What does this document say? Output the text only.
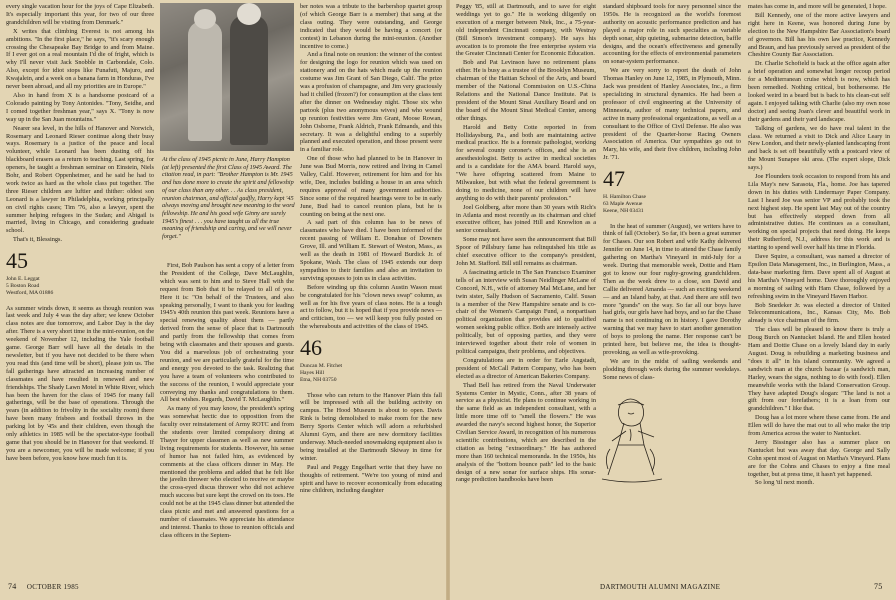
every single vacation hour for the joys of Cape Elizabeth. It's especially important this year, for two of our three grandchildren will be visiting from Denmark."

X writes that climbing Everest is not among his ambitions. "In the first place," he says, "it's scary enough crossing the Chesapeake Bay Bridge to and from Maine. If I ever got on a real mountain I'd die of fright, which is why I'll never visit Jack Snobble in Carbondale, Colo. Also, except for idiot stops like Funafuti, Majuro, and Kwajalein, and a week on a banana farm in Honduras, I've never been abroad, and all my priorities are in Europe."

Also in hand from X is a handsome postcard of a Colorado painting by Tony Antonides. "Tony, Seidhe, and I comed together freshman year," says X. "Tony is now way up in the San Juan mountains."

Nearer sea level, in the hills of Hanover and Norwich, Rosemary and Leonard Rieser continue along their busy ways. Rosemary is a justice of the peace and local volunteer, while Leonard has been dusting off his blackboard erasers as a return to teaching. Last spring, for openers, he taught a freshman seminar on Einstein, Niels Bohr, and Robert Oppenheimer, and he said he had to work twice as hard as the whole class put together. The three Rieser children are luftier and thither: oldest son Leonard is a lawyer in Philadelphia, working principally on civil rights cases; Tim '76, also a lawyer, spent the summer helping refugees in the Sudan; and Abigail is married, living in Chicago, and considering graduate school.

That's it, Blessings.

45
John E. Leggat
5 Boston Road
Westford, MA 01886

As summer winds down, it seems as though reunion was last week and July 4 was the day after; we knew October class notes are due tomorrow, and Labor Day is the day after. There is a very short time in the mini-reunion, on the weekend of November 12, including the Yale football game. George Barr will have all the details in the newsletter, but if you have not decided to be there when you read this (and time will be short), please join us. The fall gatherings have attracted an increasing number of classmates and have resulted in renewed and new friendships. The Shady Lawn Motel in White River, which has been the haven for the class of 1945 for many fall gatherings, will be the base of operations. Through the years (in addition to frivolity in the sociality room) there have been many frisbees and football throws in the parking lot by '45s and their children, even though the only athletics in 1985 will be the spectator-type football game that you should be in Hanover for that weekend. If you are a newcomer, you will be made welcome; if you have been before, you know how much fun it is.

At the class of 1945 picnic in June, Harry Hampton (at left) presented the first Class of 1945 Award. The citation read, in part: "Brother Hampton is Mr. 1945 and has done more to create the spirit and fellowship of our class than any other. . . As class president, reunion chairman, and official gadfly, Harry kept '45 always moving and brought new meaning to the word fellowship. He and his good wife Ginny are surely 1945's finest . . . you have taught us all the true meaning of friendship and caring, and we will never forget."

First, Bob Paulson has sent a copy of a letter from the President of the College, Dave McLaughlin, which was sent to him and to Steve Hall with the request from Bob that it be relayed to all of you. Here it is: "On behalf of the Trustees, and also speaking personally, I want to thank you for leading 1945's 40th reunion this past week. Reunions have a special renewing quality about them — partly derived from the sense of place that is Dartmouth and partly from the fellowship that comes from being with classmates and their spouses and guests. You did a marvelous job of orchestrating your reunion, and we are particularly grateful for the time and energy you devoted to the task. Realizing that you have a team of volunteers who contributed to the success of the reunion, I would appreciate your conveying my thanks and congratulations to them. All best wishes. Regards, David T. McLaughlin."

As many of you may know, the president's spring was somewhat hectic due to opposition from the faculty over reinstatement of Army ROTC and from the students over limited compulsory dining at Thayer for upper classmen as well as new summer living requirements for students. However, his sense of humor has not failed him, as evidenced by comments at the class officers dinner in May. He mentioned the problems and added that he felt like the javelin thrower who elected to receive or maybe the cross-eyed discus thrower who did not achieve much success but sure kept the crowd on its toes. He could not be at the 1945 class dinner but attended the class picnic and met and answered questions for a number of classmates. We appreciate his attendance and interest. Thanks to those to reunion officials and class officers in the Septem-

ber notes was a tribute to the barbershop quartet group (of which George Barr is a member) that sang at the class outing. They were outstanding, and George indicated that they would be having a concert (or contest) in Lebanon during the mini-reunion. (Another incentive to come.)

And a final note on reunion: the winner of the contest for designing the logo for reunion which was used on stationery and on the hats which made up the reunion costume was Jim Grant of San Diego, Calif. The prize was a profusion of champagne, and Jim very graciously had it chilled (frozen?) for consumption at the class tent after the dinner on Wednesday night. Those six who partook (plus two anonymous wives) and who wound up reunion festivities were Jim Grant, Moose Rowan, John Osborne, Frank Aldrich, Frank Edmands, and this secretary. It was a delightful ending to a superbly planned and executed operation, and those present were in a familiar role.

One of those who had planned to be in Hanover in June was Bud Morris, now retired and living in Camel Valley, Calif. However, retirement for him and for his wife, Dee, includes building a house in an area which requires approval of many government authorities. Since some of the required hearings were to be in early June, Bud had to cancel reunion plans, but he is counting on being at the next one.

A sad part of this column has to be news of classmates who have died. I have been informed of the recent passing of William E. Donahue of Downers Grove, Ill. and William E. Stewart of Weston, Mass., as well as the death in 1981 of Howard Burdick Jr. of Spokane, Wash. The class of 1945 extends our deep sympathies to their families and also an invitation to surviving spouses to join us in class activities.

Before winding up this column Austin Wason must be congratulated for his "clown news swap" column, as well as for his five years of class notes. He is a tough act to follow, but it is hoped that if you provide news — and criticism, too — we will keep you fully posted on the whereabouts and activities of the class of 1945.

46
Duncan M. Fitchet
Hayes Hill
Etna, NH 03750

Those who can return to the Hanover Plain this fall will be impressed with all the building activity on campus. The Hood Museum is about to open. Davis Rink is being demolished to make room for the new Berry Sports Center which will adorn a refurbished Alumni Gym, and there are new dormitory facilities underway. Much-needed snowmaking equipment also is being installed at the Dartmouth Skiway in time for winter.

Paul and Peggy Engelhart write that they have no thoughts of retirement. "We're too young of mind and spirit and have to recover economically from educating nine children, including daughter

74 OCTOBER 1985

Peggy '85, still at Dartmouth, and to save for eight weddings yet to go." He is working diligently on execution of a merger between Ntek, Inc., a 75-year-old independent Cincinnati company, with Westray (Bill Simon's investment company). He says his avocation is to promote the free enterprise system via the Greater Cincinnati Center for Economic Education.

Bob and Pat Levinson have no retirement plans either. He is busy as a trustee of the Brooklyn Museum, chairman of the Haitian School of the Arts, and board member of the National Commission on U.S.-China Relations and the National Dance Institute. Pat is president of the Mount Sinai Auxiliary Board and on the board of the Mount Sinai Medical Center, among other things.

Harold and Betty Cotte reported in from Hollidaysburg, Pa., and both are maintaining active medical practice. He is a forensic pathologist, working for several county coroner's offices, and she is an anesthesiologist. Betty is active in medical societies and is a candidate for the AMA board. Harold says, "We have offspring scattered from Maine to Milwaukee, but with what the federal government is doing to medicine, none of our children will have anything to do with their parents' profession."

Joel Goldberg, after more than 30 years with Rich's in Atlanta and most recently as its chairman and chief executive officer, has joined Hill and Knowlton as a senior consultant.

Some may not have seen the announcement that Bill Spoor of Pillsbury fame has relinquished his title as chief executive officer to the company's president, John M. Stafford. Bill still remains as chairman.

A fascinating article in The San Francisco Examiner tells of an interview with Susan Neidlinger McLane of Concord, N.H., wife of attorney Mal McLane, and her twin sister, Sally Hudson of Sacramento, Calif. Susan is a member of the New Hampshire senate and is co-chair of the Women's Campaign Fund, a nonpartisan political organization that provides aid to qualified women seeking public office. Both are intensely active politically, but of opposing parties, and they were interviewed together about their role of women in political campaigns, their problems, and objectives.

Congratulations are in order for Earle Angstadt, president of McCall Pattern Company, who has been elected as a director of American Bakeries Company.

Thad Bell has retired from the Naval Underwater Systems Center in Mystic, Conn., after 38 years of service as a physicist. He plans to continue working in the same field as an independent consultant, with a little more time off to "smell the flowers." He was awarded the navy's second highest honor, the Superior Civilian Service Award, in recognition of his numerous scientific contributions, which are described in the citation as being "extraordinary." He has authored more than 160 technical memoranda. In the 1950s, his analysis of the "bottom bounce path" led to the basic design of a new sonar for surface ships. His sonar-range prediction handbooks have been

standard shipboard tools for navy personnel since the 1950s. He is recognized as the world's foremost authority on acoustic performance prediction and has played a major role in such specialties as variable depth sonar, ship quieting, submarine detection, baffle designs, and the ocean's effectiveness and generally accounting for the effects of environmental parameters on sonar-system performance.

We are very sorry to report the death of John Thomas Hanley on June 12, 1985, in Plymouth, Minn. Jack was president of Hanley Associates, Inc., a firm specializing in structural dynamics. He had been a professor of civil engineering at the University of Minnesota, author of many technical papers, and active in many professional organizations, as well as a consultant to the Office of Civil Defense. He also was president of the Quarter-horse Racing Owners Association of America. Our sympathies go out to Mary, his wife, and their five children, including John Jr. '71.

47
H. Hamilton Chase
63 Maple Avenue
Keene, NH 03431

In the heat of summer (August), we writers have to think of fall (October). So far, it's been a great summer for Chases. Our son Robert and wife Kathy delivered Jennifer on June 14, in time to attend the Chase family gathering on Martha's Vineyard in mid-July for a week. During that memorable week, Dottie and Ham got to know our four rugby-growing grandchildren. Then as the week drew to a close, son David and Callie delivered Amanda — such an exciting weekend — and an Island baby, at that. And there are still two more "grands" on the way. So far all our boys have had girls, our girls have had boys, and so far the Chase name is not continuing on in history. I gave Dorothy warning that we may have to start another generation of boys to prolong the name. Her response can't be printed here, but believe me, the idea is thought-provoking, as well as wife-provoking.

We are in the midst of sailing weekends and plodding through work during the summer weekdays. Some news of class-

mates has come in, and more will be generated, I hope.

Bill Kennedy, one of the more active lawyers and right here in Keene, was honored during June by election to the New Hampshire Bar Association's board of governors. Bill has his own law practice, Kennedy and Braun, and has previously served as president of the Cheshire County Bar Association.

Dr. Charlie Schofield is back at the office again after a brief operation and somewhat longer recoup period for a Mediterranean cruise which is now, which has been remedied. Nothing critical, but bothersome. He looked weird in a beard but is back to his clean-cut self again. I enjoyed talking with Charlie (also my own nose doctor) and seeing Joan's clever and beautiful work in their gardens and their yard landscape.

Talking of gardens, we do have real talent in the class. We returned a visit to Dick and Alice Leary in New London, and their newly-planted landscaping front and back is set off beautifully with a postcard view of the Mount Sunapee ski area. (The expert slope, Dick says.)

Joe Flounders took occasion to respond from his and Lila May's new Sarasota, Fla., home. Joe has tapered down in his duties with Lindermayr Paper Company. Last I heard Joe was senior VP and probably took the next highest step. He spent last May out of the country but has effectively stepped down from all administrative duties. He continues as a consultant, working on special projects that need doing. He keeps their Rutherford, N.J., address for this work and is starting to spend well over half his time in Florida.

Dave Squire, a consultant, was named a director of Epsilon Data Management, Inc., in Burlington, Mass., a data-base marketing firm. Dave spent all of August at his Martha's Vineyard home. Dave thoroughly enjoyed a morning of sailing with Ham Chase, followed by a refreshing swim in the Vineyard Haven Harbor.

Bob Snedeker Jr. was elected a director of United Telecommunications, Inc., Kansas City, Mo. Bob already is vice chairman of the firm.

The class will be pleased to know there is truly a Doug Burch on Nantucket Island. He and Ellen hosted Ham and Dottie Chase on a lovely Island day in early August. Doug is rebuilding a marketing business and "does it all" in his island community. We agreed a sandwich man at the church bazaar (a sandwich man, Harley, wears the signs, nothing to do with food). Ellen meanwhile works with the Island Conservation Group. They have adapted Doug's slogan: "The land is not a gift from our forefathers; it is a loan from our grandchildren." I like that.

Doug has a lot more where these came from. He and Ellen will do have the mat out to all who make the trip from America across the water to Nantucket.

Jerry Bissinger also has a summer place on Nantucket but was away that day. George and Sally Cohn spent most of August on Martha's Vineyard. Plans are for the Cohns and Chases to enjoy a fine meal together, but at press time, it hasn't yet happened.

So long 'til next month.

DARTMOUTH ALUMNI MAGAZINE	75
